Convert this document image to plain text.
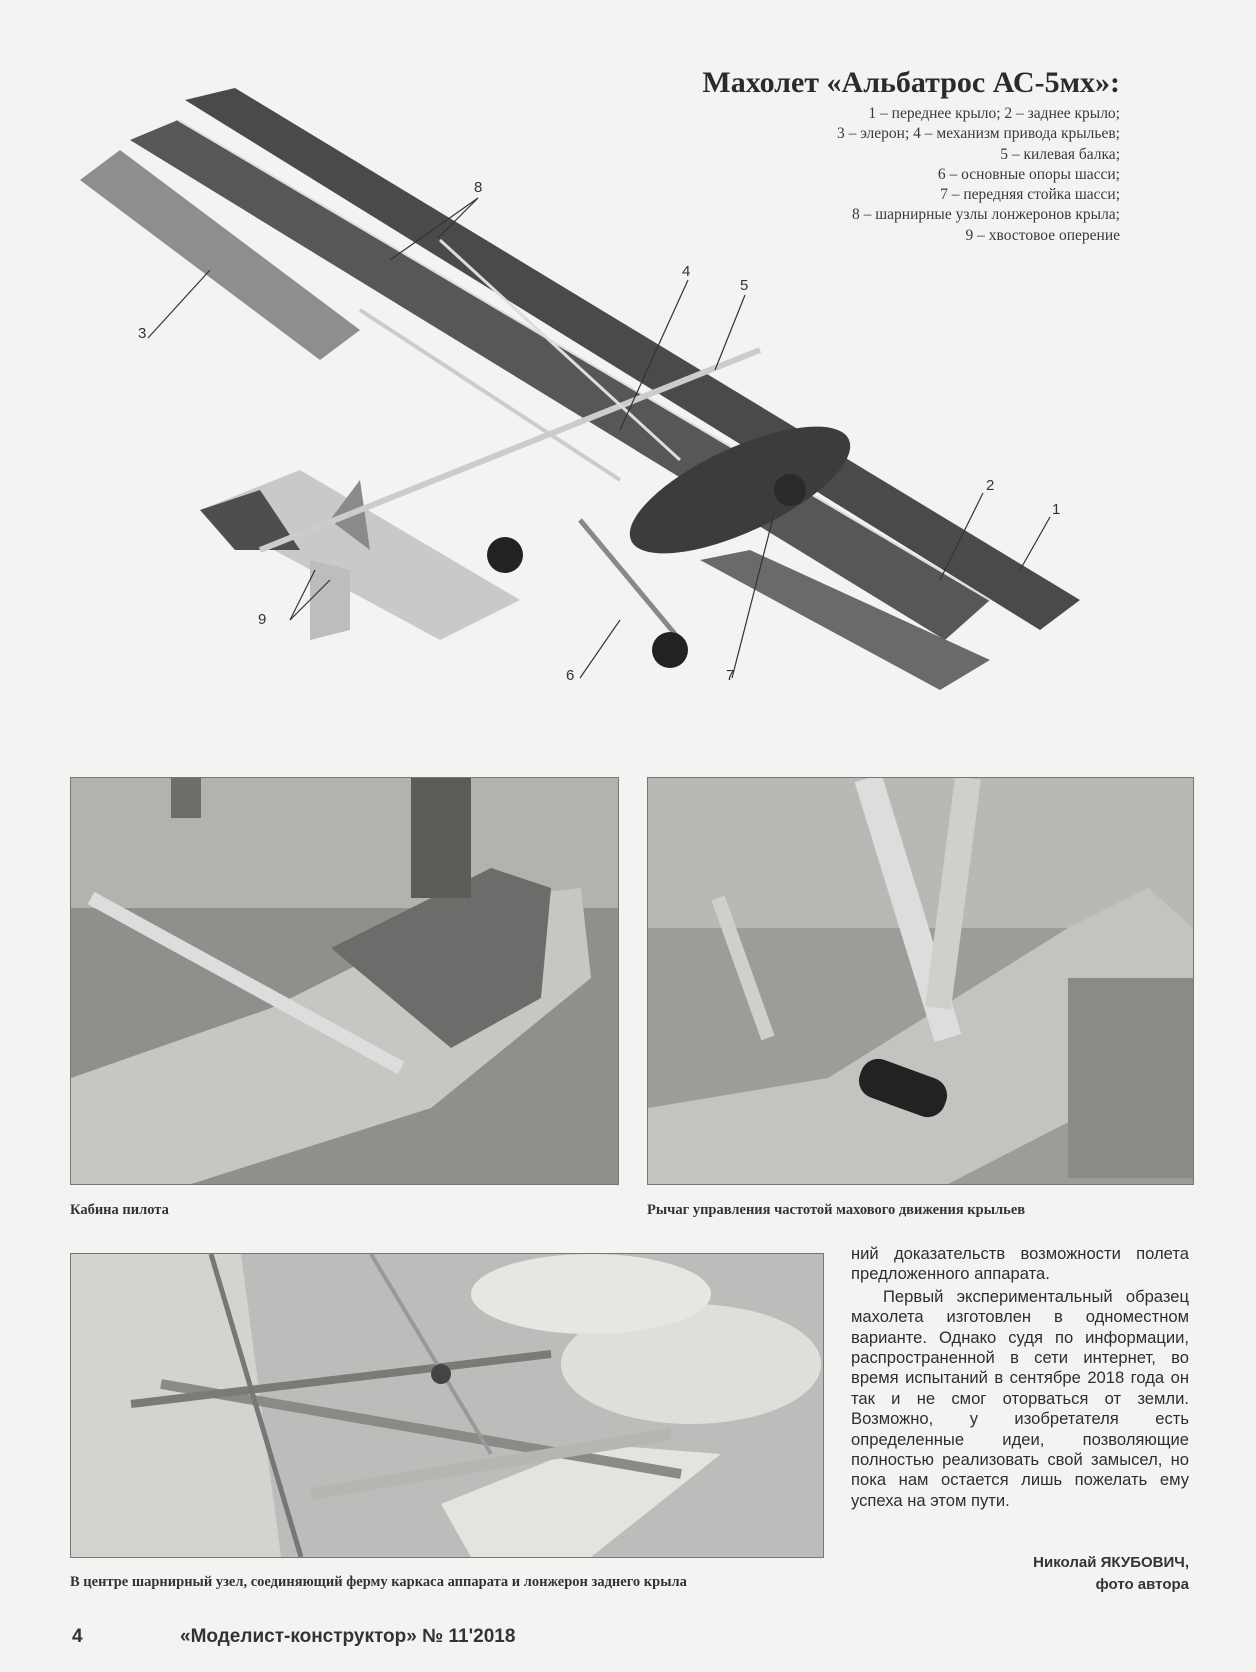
3
8
4
5
2
1
9
6	7
Махолет «Альбатрос АС-5мх»:
1 – переднее крыло; 2 – заднее крыло;
3 – элерон; 4 – механизм привода крыльев;
5 – килевая балка;
6 – основные опоры шасси;
7 – передняя стойка шасси;
8 – шарнирные узлы лонжеронов крыла;
9 – хвостовое оперение
Кабина пилота	Рычаг управления частотой махового движения крыльев
В центре шарнирный узел, соединяющий ферму каркаса аппарата и лонжерон заднего крыла

ний доказательств возможности полета предложенного аппарата.

Первый экспериментальный образец махолета изготовлен в одноместном варианте. Однако судя по информации, распространенной в сети интернет, во время испытаний в сентябре 2018 года он так и не смог оторваться от земли. Возможно, у изобретателя есть определенные идеи, позволяющие полностью реализовать свой замысел, но пока нам остается лишь пожелать ему успеха на этом пути.

Николай ЯКУБОВИЧ,
фото автора
4	«Моделист-конструктор» № 11'2018
